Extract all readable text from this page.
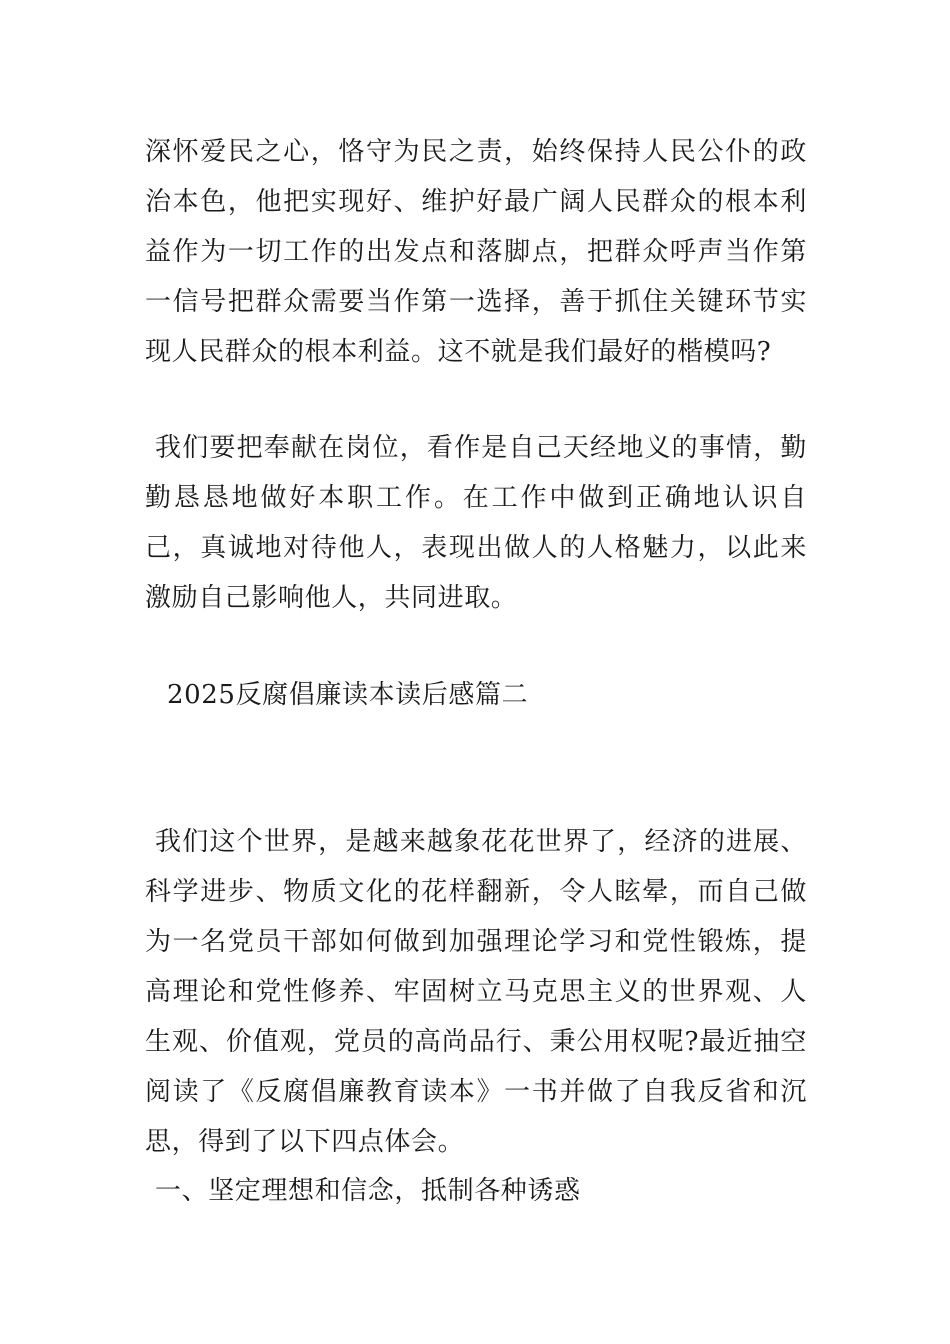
深怀爱民之心，恪守为民之责，始终保持人民公仆的政治本色，他把实现好、维护好最广阔人民群众的根本利益作为一切工作的出发点和落脚点，把群众呼声当作第一信号把群众需要当作第一选择，善于抓住关键环节实现人民群众的根本利益。这不就是我们最好的楷模吗?

我们要把奉献在岗位，看作是自己天经地义的事情，勤勤恳恳地做好本职工作。在工作中做到正确地认识自己，真诚地对待他人，表现出做人的人格魅力，以此来激励自己影响他人，共同进取。

2025反腐倡廉读本读后感篇二

我们这个世界，是越来越象花花世界了，经济的进展、科学进步、物质文化的花样翻新，令人眩晕，而自己做为一名党员干部如何做到加强理论学习和党性锻炼，提高理论和党性修养、牢固树立马克思主义的世界观、人生观、价值观，党员的高尚品行、秉公用权呢?最近抽空阅读了《反腐倡廉教育读本》一书并做了自我反省和沉思，得到了以下四点体会。

一、坚定理想和信念，抵制各种诱惑
